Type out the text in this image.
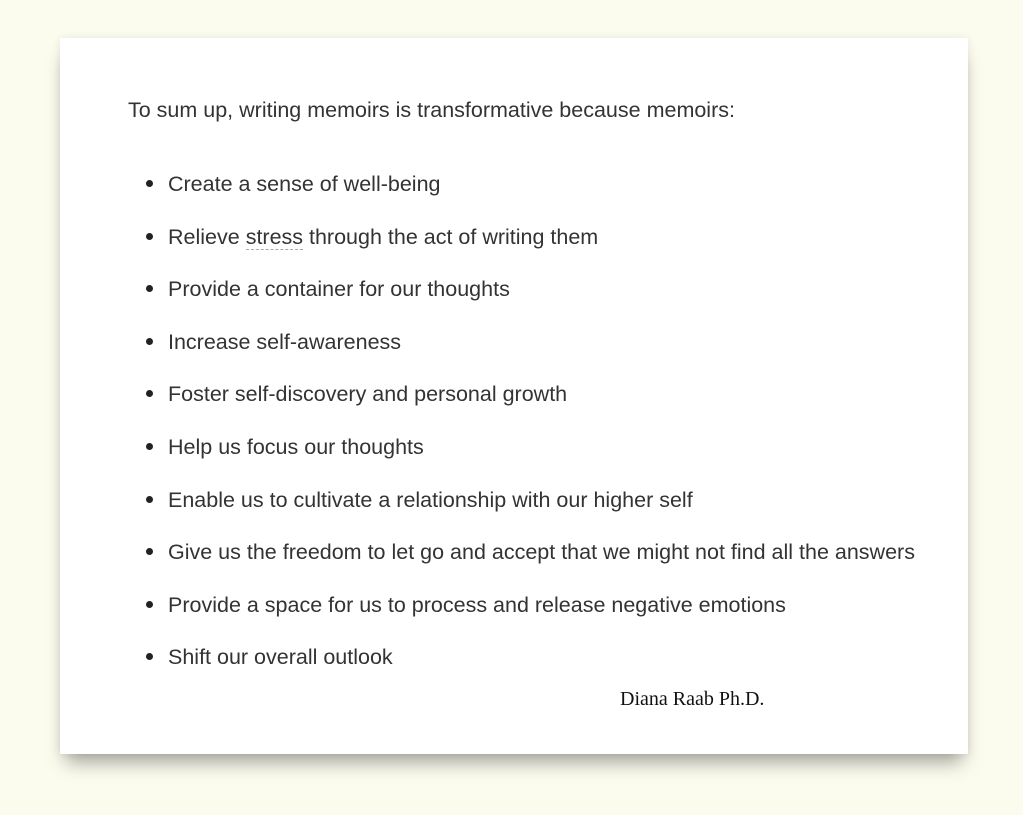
To sum up, writing memoirs is transformative because memoirs:

Create a sense of well-being
Relieve stress through the act of writing them
Provide a container for our thoughts
Increase self-awareness
Foster self-discovery and personal growth
Help us focus our thoughts
Enable us to cultivate a relationship with our higher self
Give us the freedom to let go and accept that we might not find all the answers
Provide a space for us to process and release negative emotions
Shift our overall outlook
Diana Raab Ph.D.
